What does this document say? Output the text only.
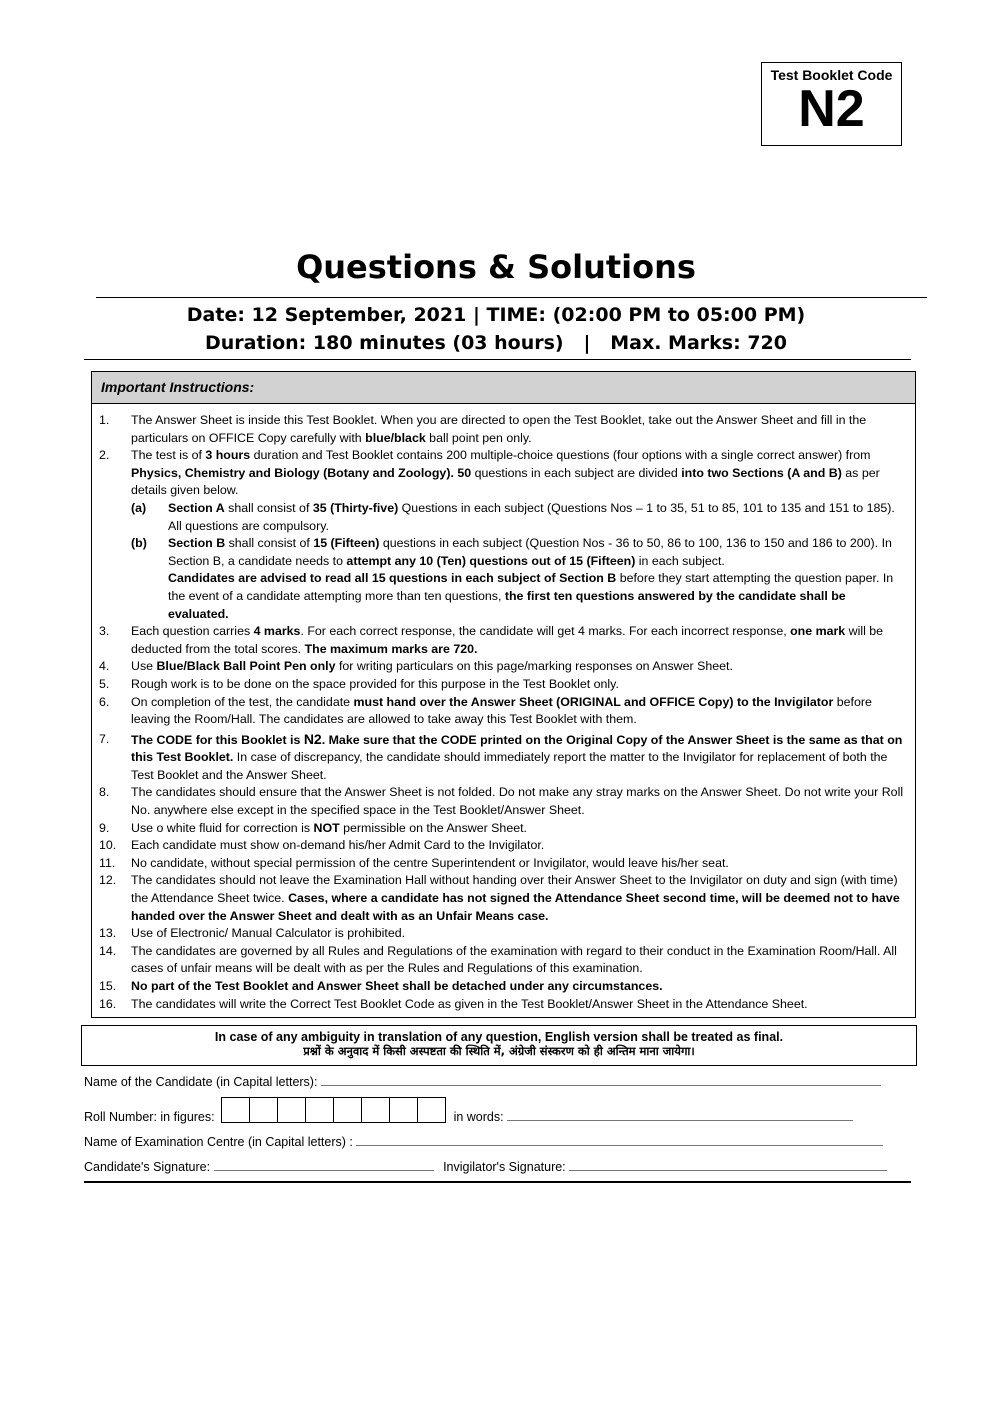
Test Booklet Code
N2
Questions & Solutions
Date: 12 September, 2021 | TIME: (02:00 PM to 05:00 PM)
Duration: 180 minutes (03 hours)   |   Max. Marks: 720
Important Instructions:
1.	The Answer Sheet is inside this Test Booklet. When you are directed to open the Test Booklet, take out the Answer Sheet and fill in the particulars on OFFICE Copy carefully with blue/black ball point pen only.
2.	The test is of 3 hours duration and Test Booklet contains 200 multiple-choice questions (four options with a single correct answer) from Physics, Chemistry and Biology (Botany and Zoology). 50 questions in each subject are divided into two Sections (A and B) as per details given below.
(a)	Section A shall consist of 35 (Thirty-five) Questions in each subject (Questions Nos – 1 to 35, 51 to 85, 101 to 135 and 151 to 185). All questions are compulsory.
(b)	Section B shall consist of 15 (Fifteen) questions in each subject (Question Nos - 36 to 50, 86 to 100, 136 to 150 and 186 to 200). In Section B, a candidate needs to attempt any 10 (Ten) questions out of 15 (Fifteen) in each subject.
Candidates are advised to read all 15 questions in each subject of Section B before they start attempting the question paper. In the event of a candidate attempting more than ten questions, the first ten questions answered by the candidate shall be evaluated.
3.	Each question carries 4 marks. For each correct response, the candidate will get 4 marks. For each incorrect response, one mark will be deducted from the total scores. The maximum marks are 720.
4.	Use Blue/Black Ball Point Pen only for writing particulars on this page/marking responses on Answer Sheet.
5.	Rough work is to be done on the space provided for this purpose in the Test Booklet only.
6.	On completion of the test, the candidate must hand over the Answer Sheet (ORIGINAL and OFFICE Copy) to the Invigilator before leaving the Room/Hall. The candidates are allowed to take away this Test Booklet with them.
7.	The CODE for this Booklet is N2. Make sure that the CODE printed on the Original Copy of the Answer Sheet is the same as that on this Test Booklet. In case of discrepancy, the candidate should immediately report the matter to the Invigilator for replacement of both the Test Booklet and the Answer Sheet.
8.	The candidates should ensure that the Answer Sheet is not folded. Do not make any stray marks on the Answer Sheet. Do not write your Roll No. anywhere else except in the specified space in the Test Booklet/Answer Sheet.
9.	Use o white fluid for correction is NOT permissible on the Answer Sheet.
10.	Each candidate must show on-demand his/her Admit Card to the Invigilator.
11.	No candidate, without special permission of the centre Superintendent or Invigilator, would leave his/her seat.
12.	The candidates should not leave the Examination Hall without handing over their Answer Sheet to the Invigilator on duty and sign (with time) the Attendance Sheet twice. Cases, where a candidate has not signed the Attendance Sheet second time, will be deemed not to have handed over the Answer Sheet and dealt with as an Unfair Means case.
13.	Use of Electronic/ Manual Calculator is prohibited.
14.	The candidates are governed by all Rules and Regulations of the examination with regard to their conduct in the Examination Room/Hall. All cases of unfair means will be dealt with as per the Rules and Regulations of this examination.
15.	No part of the Test Booklet and Answer Sheet shall be detached under any circumstances.
16.	The candidates will write the Correct Test Booklet Code as given in the Test Booklet/Answer Sheet in the Attendance Sheet.
In case of any ambiguity in translation of any question, English version shall be treated as final.
प्रश्नों के अनुवाद में किसी अस्पष्टता की स्थिति में, अंग्रेजी संस्करण को ही अन्तिम माना जायेगा।
Name of the Candidate (in Capital letters):
Roll Number: in figures:	in words:
Name of Examination Centre (in Capital letters) :
Candidate's Signature:	Invigilator's Signature:
